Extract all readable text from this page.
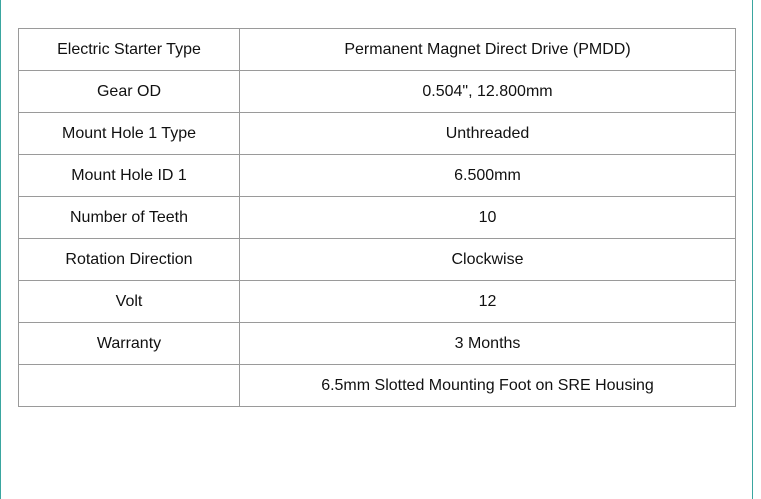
Electric Starter Type	Permanent Magnet Direct Drive (PMDD)
Gear OD	0.504", 12.800mm
Mount Hole 1 Type	Unthreaded
Mount Hole ID 1	6.500mm
Number of Teeth	10
Rotation Direction	Clockwise
Volt	12
Warranty	3 Months
	6.5mm Slotted Mounting Foot on SRE Housing
